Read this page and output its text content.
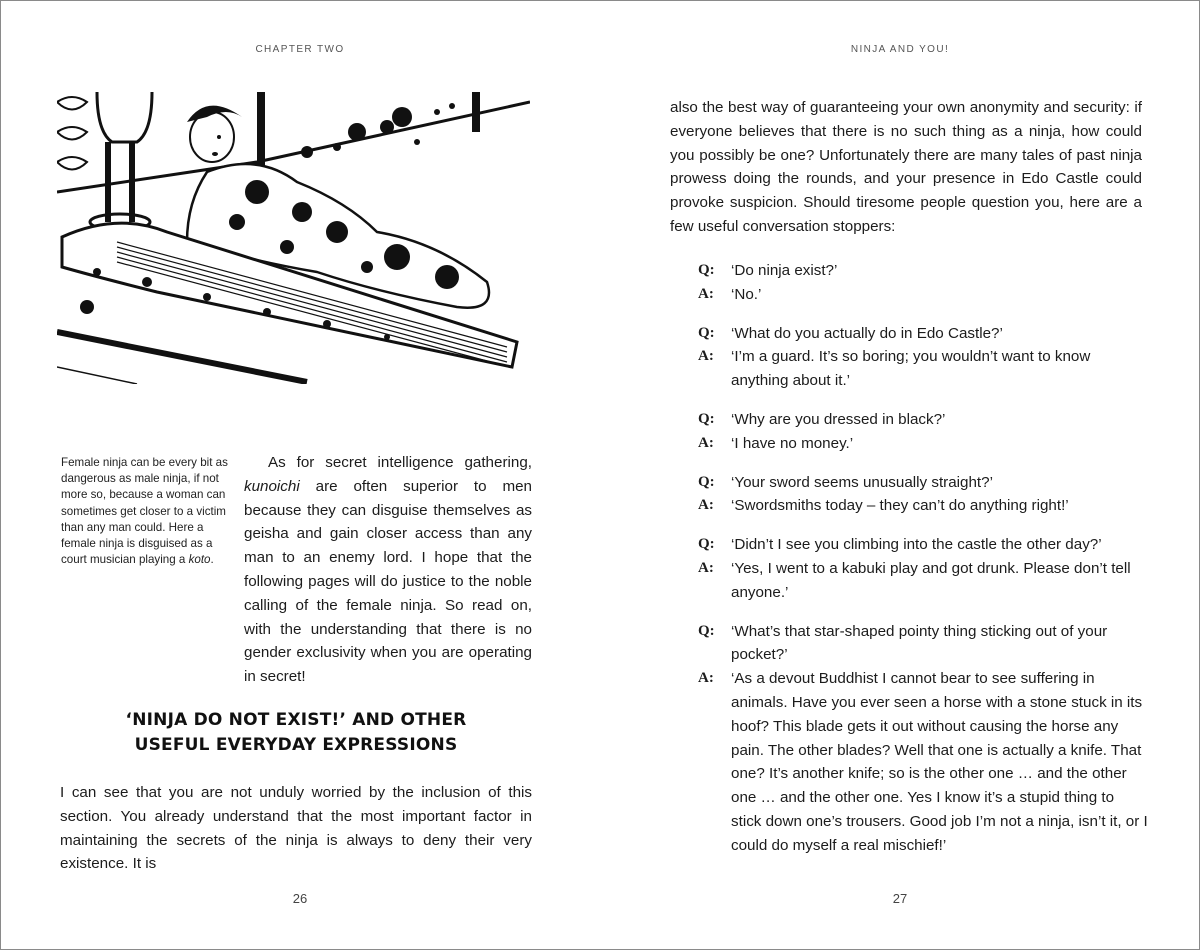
CHAPTER TWO
Female ninja can be every bit as dangerous as male ninja, if not more so, because a woman can sometimes get closer to a victim than any man could. Here a female ninja is disguised as a court musician playing a koto.
As for secret intelligence gathering, kunoichi are often superior to men because they can disguise themselves as geisha and gain closer access than any man to an enemy lord. I hope that the following pages will do justice to the noble calling of the female ninja. So read on, with the understanding that there is no gender exclusivity when you are operating in secret!
‘NINJA DO NOT EXIST!’ AND OTHER
USEFUL EVERYDAY EXPRESSIONS
I can see that you are not unduly worried by the inclusion of this section. You already understand that the most important factor in maintaining the secrets of the ninja is always to deny their very existence. It is
26
NINJA AND YOU!
also the best way of guaranteeing your own anonymity and security: if everyone believes that there is no such thing as a ninja, how could you possibly be one? Unfortunately there are many tales of past ninja prowess doing the rounds, and your presence in Edo Castle could provoke suspicion. Should tiresome people question you, here are a few useful conversation stoppers:
Q:	‘Do ninja exist?’
A:	‘No.’
Q:	‘What do you actually do in Edo Castle?’
A:	‘I’m a guard. It’s so boring; you wouldn’t want to know anything about it.’
Q:	‘Why are you dressed in black?’
A:	‘I have no money.’
Q:	‘Your sword seems unusually straight?’
A:	‘Swordsmiths today – they can’t do anything right!’
Q:	‘Didn’t I see you climbing into the castle the other day?’
A:	‘Yes, I went to a kabuki play and got drunk. Please don’t tell anyone.’
Q:	‘What’s that star-shaped pointy thing sticking out of your pocket?’
A:	‘As a devout Buddhist I cannot bear to see suffering in animals. Have you ever seen a horse with a stone stuck in its hoof? This blade gets it out without causing the horse any pain. The other blades? Well that one is actually a knife. That one? It’s another knife; so is the other one … and the other one … and the other one. Yes I know it’s a stupid thing to stick down one’s trousers. Good job I’m not a ninja, isn’t it, or I could do myself a real mischief!’
27
